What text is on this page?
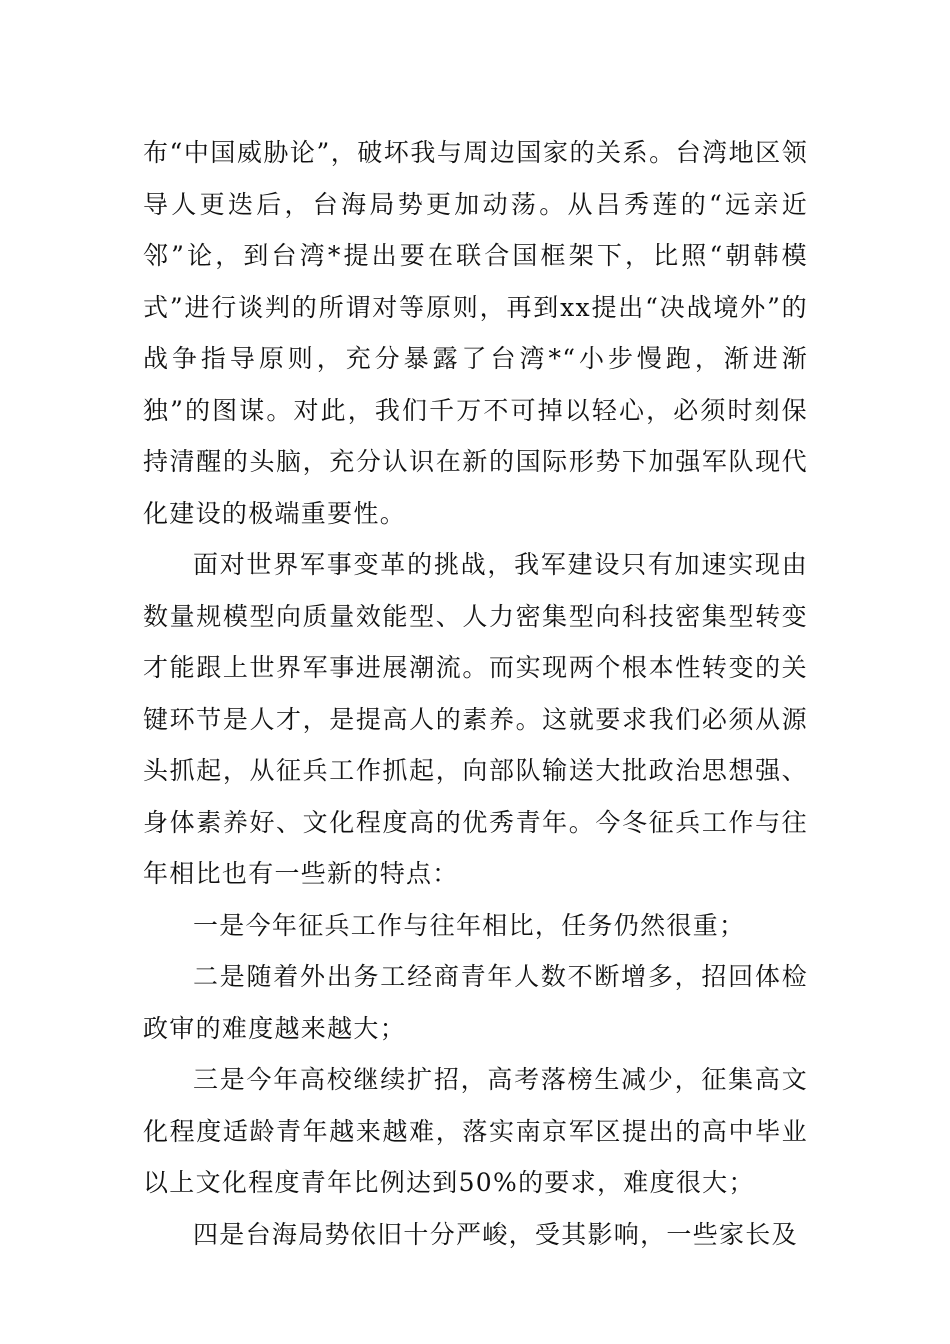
布“中国威胁论”，破坏我与周边国家的关系。台湾地区领导人更迭后，台海局势更加动荡。从吕秀莲的“远亲近邻”论，到台湾*提出要在联合国框架下，比照“朝韩模式”进行谈判的所谓对等原则，再到xx提出“决战境外”的战争指导原则，充分暴露了台湾*“小步慢跑，渐进渐独”的图谋。对此，我们千万不可掉以轻心，必须时刻保持清醒的头脑，充分认识在新的国际形势下加强军队现代化建设的极端重要性。

面对世界军事变革的挑战，我军建设只有加速实现由数量规模型向质量效能型、人力密集型向科技密集型转变才能跟上世界军事进展潮流。而实现两个根本性转变的关键环节是人才，是提高人的素养。这就要求我们必须从源头抓起，从征兵工作抓起，向部队输送大批政治思想强、身体素养好、文化程度高的优秀青年。今冬征兵工作与往年相比也有一些新的特点：

一是今年征兵工作与往年相比，任务仍然很重；

二是随着外出务工经商青年人数不断增多，招回体检政审的难度越来越大；

三是今年高校继续扩招，高考落榜生减少，征集高文化程度适龄青年越来越难，落实南京军区提出的高中毕业以上文化程度青年比例达到50%的要求，难度很大；

四是台海局势依旧十分严峻，受其影响，一些家长及
